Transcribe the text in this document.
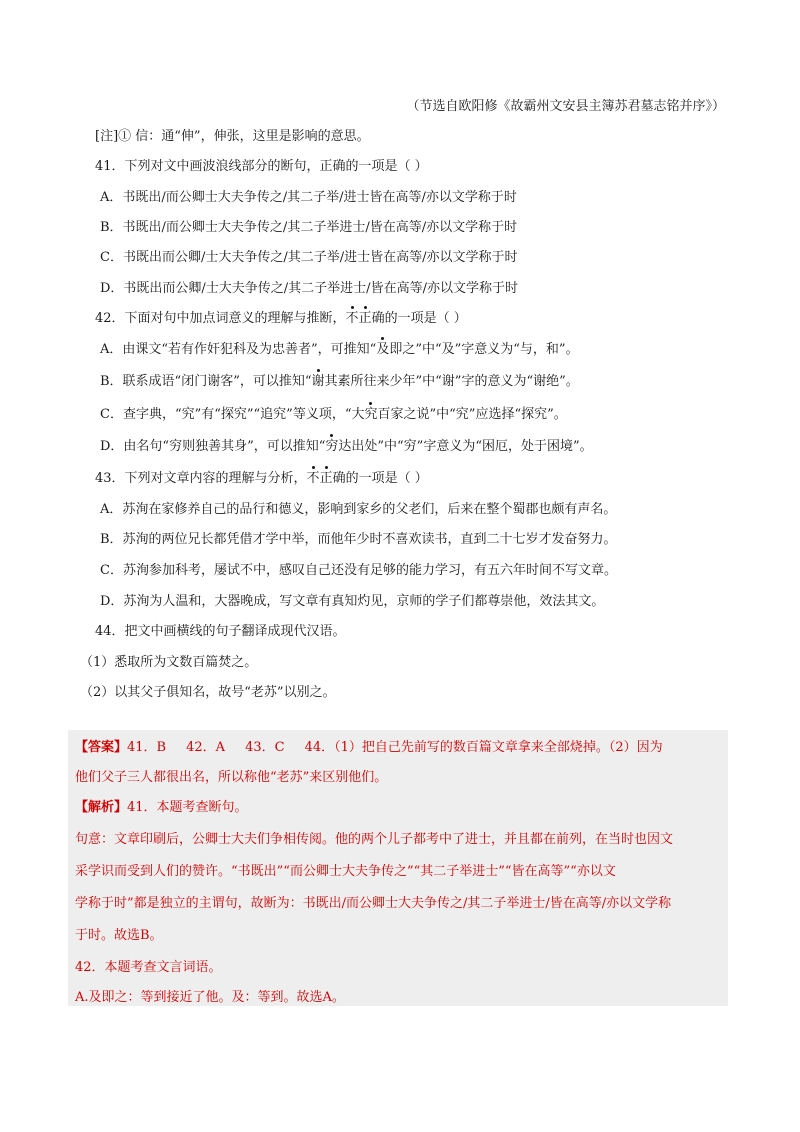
（节选自欧阳修《故霸州文安县主簿苏君墓志铭并序》）
[注]① 信：通“伸”，伸张，这里是影响的意思。
41．下列对文中画波浪线部分的断句，正确的一项是（ ）
A．书既出/而公卿士大夫争传之/其二子举/进士皆在高等/亦以文学称于时
B．书既出/而公卿士大夫争传之/其二子举进士/皆在高等/亦以文学称于时
C．书既出而公卿/士大夫争传之/其二子举/进士皆在高等/亦以文学称于时
D．书既出而公卿/士大夫争传之/其二子举进士/皆在高等/亦以文学称于时
42．下面对句中加点词意义的理解与推断，不正确的一项是（ ）
A．由课文“若有作奸犯科及为忠善者”，可推知“及即之”中“及”字意义为“与，和”。
B．联系成语“闭门谢客”，可以推知“谢其素所往来少年”中“谢”字的意义为“谢绝”。
C．查字典，“究”有“探究”“追究”等义项，“大究百家之说”中“究”应选择“探究”。
D．由名句“穷则独善其身”，可以推知“穷达出处”中“穷”字意义为“困厄，处于困境”。
43．下列对文章内容的理解与分析，不正确的一项是（ ）
A．苏洵在家修养自己的品行和德义，影响到家乡的父老们，后来在整个蜀郡也颇有声名。
B．苏洵的两位兄长都凭借才学中举，而他年少时不喜欢读书，直到二十七岁才发奋努力。
C．苏洵参加科考，屡试不中，感叹自己还没有足够的能力学习，有五六年时间不写文章。
D．苏洵为人温和，大器晚成，写文章有真知灼见，京师的学子们都尊崇他，效法其文。
44．把文中画横线的句子翻译成现代汉语。
（1）悉取所为文数百篇焚之。
（2）以其父子俱知名，故号“老苏”以别之。
【答案】41．B 42．A 43．C 44．（1）把自己先前写的数百篇文章拿来全部烧掉。（2）因为
他们父子三人都很出名，所以称他“老苏”来区别他们。
【解析】41．本题考查断句。
句意：文章印刷后，公卿士大夫们争相传阅。他的两个儿子都考中了进士，并且都在前列，在当时也因文
采学识而受到人们的赞许。“书既出”“而公卿士大夫争传之”“其二子举进士”“皆在高等”“亦以文
学称于时”都是独立的主谓句，故断为：书既出/而公卿士大夫争传之/其二子举进士/皆在高等/亦以文学称
于时。故选B。
42．本题考查文言词语。
A.及即之：等到接近了他。及：等到。故选A。
